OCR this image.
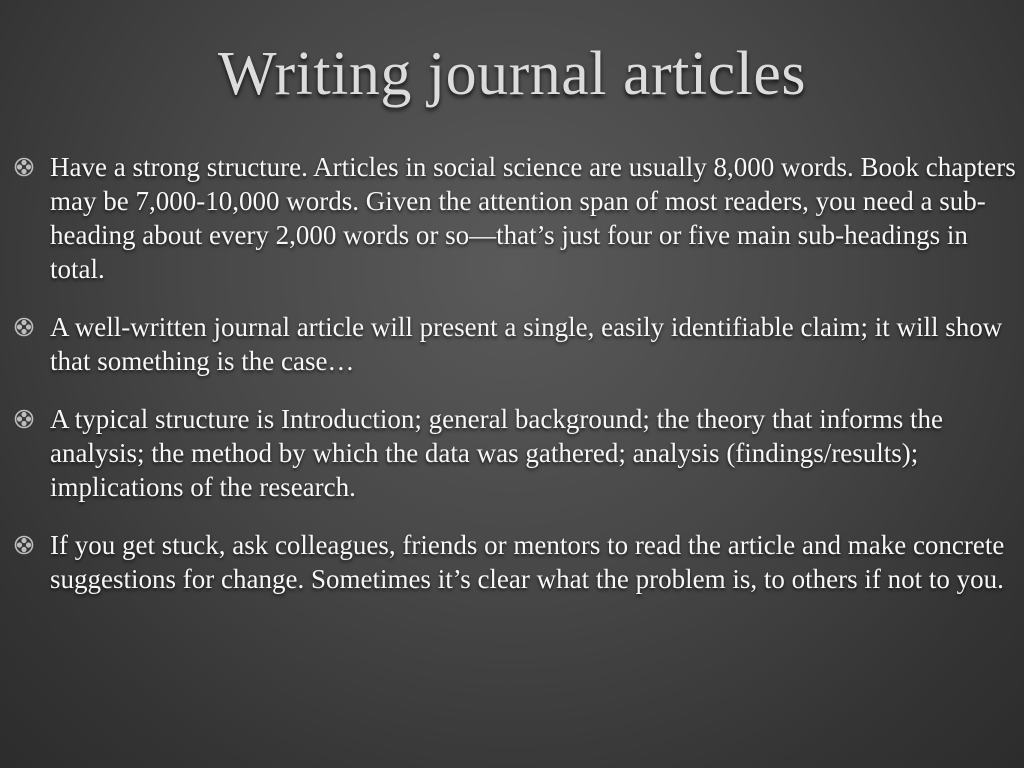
Writing journal articles
Have a strong structure. Articles in social science are usually 8,000 words. Book chapters may be 7,000-10,000 words. Given the attention span of most readers, you need a sub-heading about every 2,000 words or so—that’s just four or five main sub-headings in total.
A well-written journal article will present a single, easily identifiable claim; it will show that something is the case…
A typical structure is Introduction; general background; the theory that informs the analysis; the method by which the data was gathered; analysis (findings/results); implications of the research.
If you get stuck, ask colleagues, friends or mentors to read the article and make concrete suggestions for change. Sometimes it’s clear what the problem is, to others if not to you.
